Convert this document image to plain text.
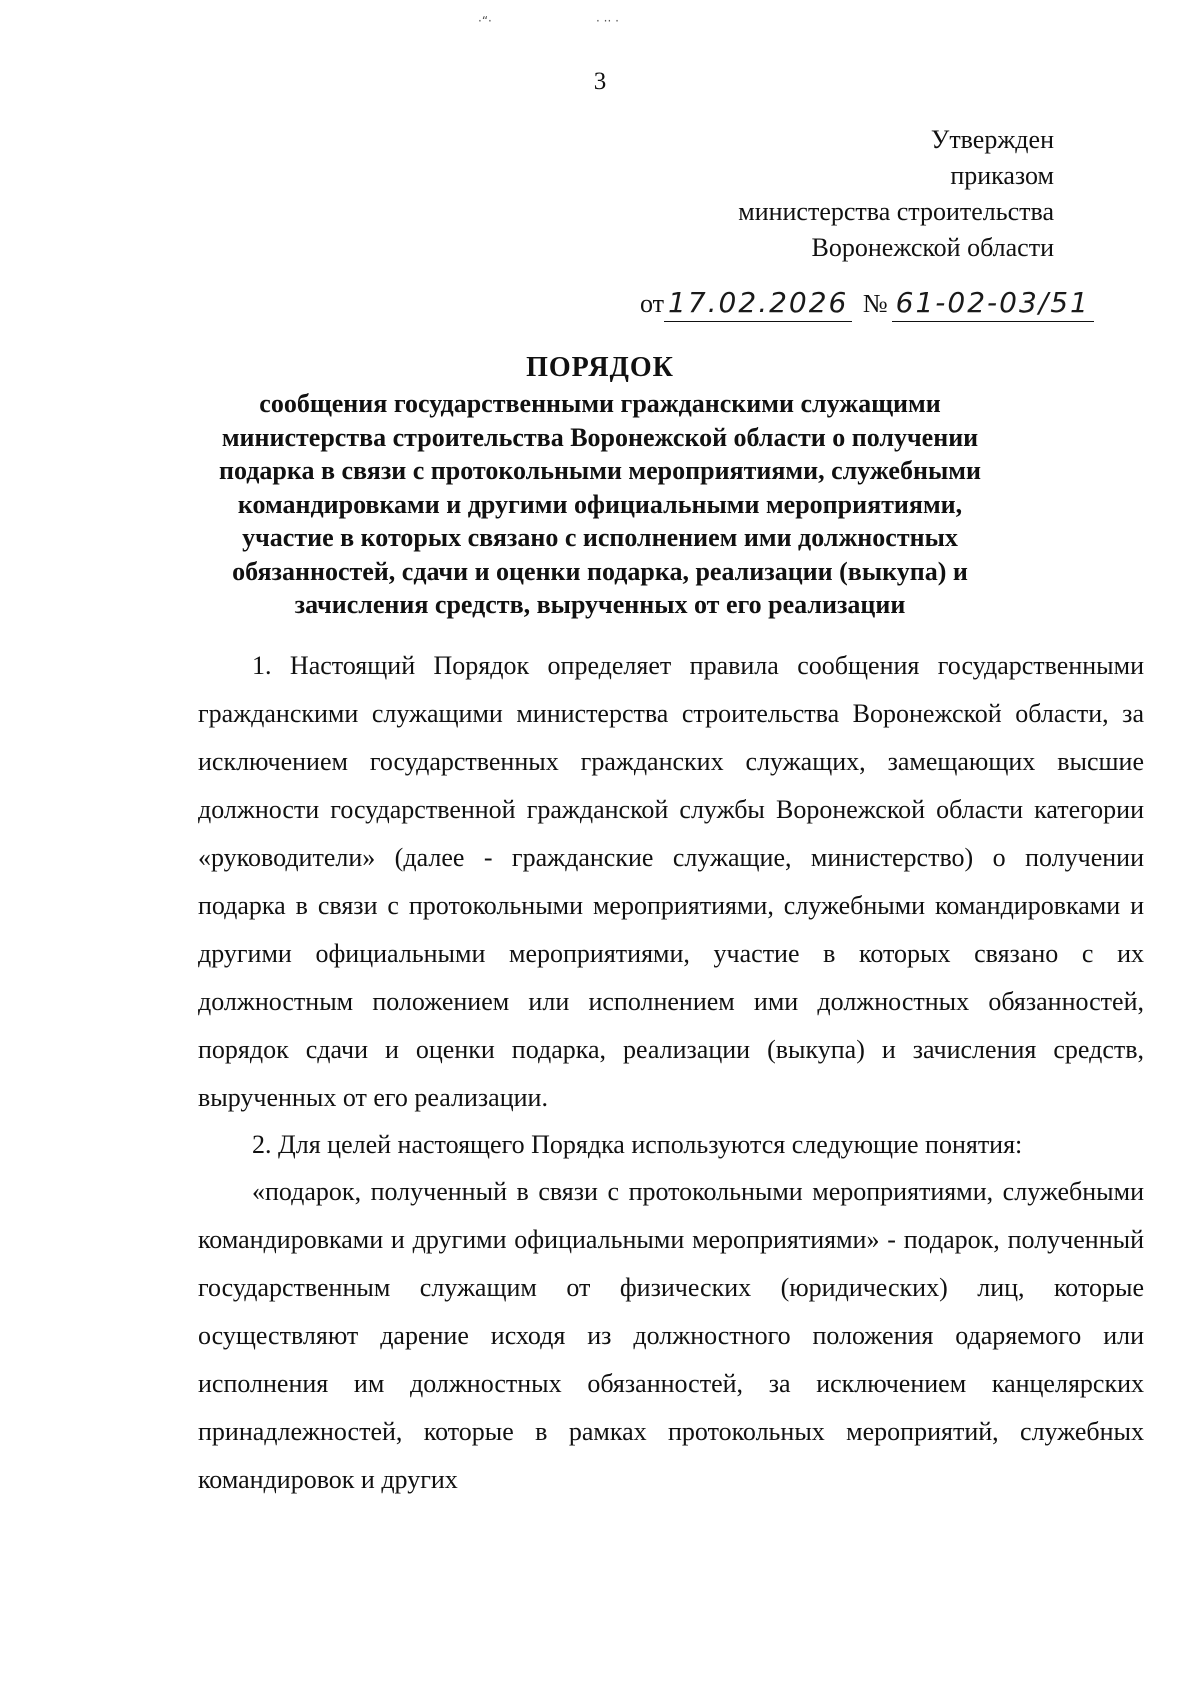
·“·	· ·· ·
3
Утвержден
приказом
министерства строительства
Воронежской области
от 17.02.2026 № 61-02-03/51
ПОРЯДОК
сообщения государственными гражданскими служащими министерства строительства Воронежской области о получении подарка в связи с протокольными мероприятиями, служебными командировками и другими официальными мероприятиями, участие в которых связано с исполнением ими должностных обязанностей, сдачи и оценки подарка, реализации (выкупа) и зачисления средств, вырученных от его реализации

1. Настоящий Порядок определяет правила сообщения государственными гражданскими служащими министерства строительства Воронежской области, за исключением государственных гражданских служащих, замещающих высшие должности государственной гражданской службы Воронежской области категории «руководители» (далее - гражданские служащие, министерство) о получении подарка в связи с протокольными мероприятиями, служебными командировками и другими официальными мероприятиями, участие в которых связано с их должностным положением или исполнением ими должностных обязанностей, порядок сдачи и оценки подарка, реализации (выкупа) и зачисления средств, вырученных от его реализации.

2. Для целей настоящего Порядка используются следующие понятия:

«подарок, полученный в связи с протокольными мероприятиями, служебными командировками и другими официальными мероприятиями» - подарок, полученный государственным служащим от физических (юридических) лиц, которые осуществляют дарение исходя из должностного положения одаряемого или исполнения им должностных обязанностей, за исключением канцелярских принадлежностей, которые в рамках протокольных мероприятий, служебных командировок и других
